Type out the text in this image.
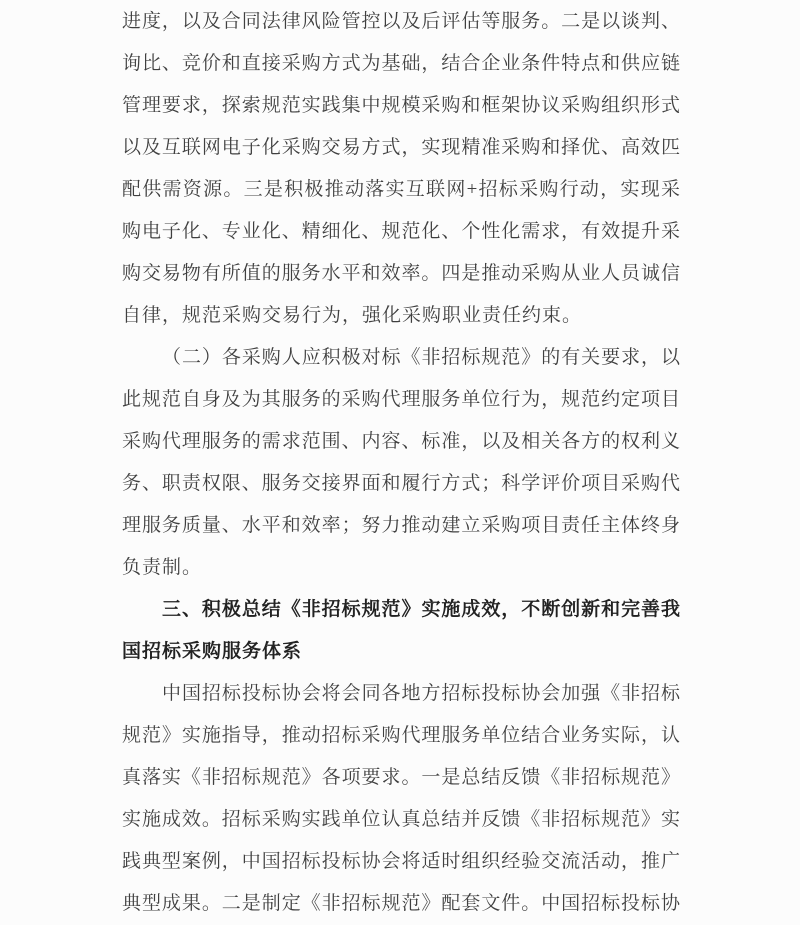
进度，以及合同法律风险管控以及后评估等服务。二是以谈判、
询比、竞价和直接采购方式为基础，结合企业条件特点和供应链
管理要求，探索规范实践集中规模采购和框架协议采购组织形式
以及互联网电子化采购交易方式，实现精准采购和择优、高效匹
配供需资源。三是积极推动落实互联网+招标采购行动，实现采
购电子化、专业化、精细化、规范化、个性化需求，有效提升采
购交易物有所值的服务水平和效率。四是推动采购从业人员诚信
自律，规范采购交易行为，强化采购职业责任约束。
（二）各采购人应积极对标《非招标规范》的有关要求，以
此规范自身及为其服务的采购代理服务单位行为，规范约定项目
采购代理服务的需求范围、内容、标准，以及相关各方的权利义
务、职责权限、服务交接界面和履行方式；科学评价项目采购代
理服务质量、水平和效率；努力推动建立采购项目责任主体终身
负责制。
三、积极总结《非招标规范》实施成效，不断创新和完善我
国招标采购服务体系
中国招标投标协会将会同各地方招标投标协会加强《非招标
规范》实施指导，推动招标采购代理服务单位结合业务实际，认
真落实《非招标规范》各项要求。一是总结反馈《非招标规范》
实施成效。招标采购实践单位认真总结并反馈《非招标规范》实
践典型案例，中国招标投标协会将适时组织经验交流活动，推广
典型成果。二是制定《非招标规范》配套文件。中国招标投标协
